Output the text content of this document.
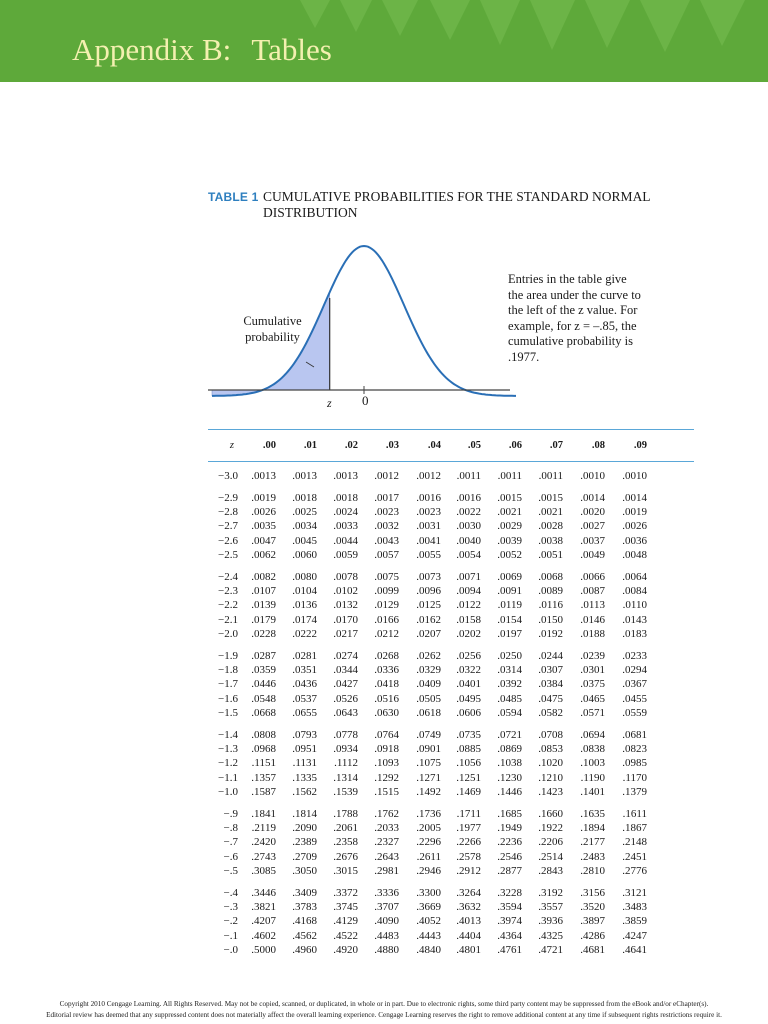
Appendix B: Tables
TABLE 1 CUMULATIVE PROBABILITIES FOR THE STANDARD NORMAL DISTRIBUTION
Cumulative probability
Entries in the table give the area under the curve to the left of the z value. For example, for z = –.85, the cumulative probability is .1977.
z 0
z	.00	.01	.02	.03	.04	.05	.06	.07	.08	.09
−3.0	.0013	.0013	.0013	.0012	.0012	.0011	.0011	.0011	.0010	.0010
−2.9	.0019	.0018	.0018	.0017	.0016	.0016	.0015	.0015	.0014	.0014
−2.8	.0026	.0025	.0024	.0023	.0023	.0022	.0021	.0021	.0020	.0019
−2.7	.0035	.0034	.0033	.0032	.0031	.0030	.0029	.0028	.0027	.0026
−2.6	.0047	.0045	.0044	.0043	.0041	.0040	.0039	.0038	.0037	.0036
−2.5	.0062	.0060	.0059	.0057	.0055	.0054	.0052	.0051	.0049	.0048
−2.4	.0082	.0080	.0078	.0075	.0073	.0071	.0069	.0068	.0066	.0064
−2.3	.0107	.0104	.0102	.0099	.0096	.0094	.0091	.0089	.0087	.0084
−2.2	.0139	.0136	.0132	.0129	.0125	.0122	.0119	.0116	.0113	.0110
−2.1	.0179	.0174	.0170	.0166	.0162	.0158	.0154	.0150	.0146	.0143
−2.0	.0228	.0222	.0217	.0212	.0207	.0202	.0197	.0192	.0188	.0183
−1.9	.0287	.0281	.0274	.0268	.0262	.0256	.0250	.0244	.0239	.0233
−1.8	.0359	.0351	.0344	.0336	.0329	.0322	.0314	.0307	.0301	.0294
−1.7	.0446	.0436	.0427	.0418	.0409	.0401	.0392	.0384	.0375	.0367
−1.6	.0548	.0537	.0526	.0516	.0505	.0495	.0485	.0475	.0465	.0455
−1.5	.0668	.0655	.0643	.0630	.0618	.0606	.0594	.0582	.0571	.0559
−1.4	.0808	.0793	.0778	.0764	.0749	.0735	.0721	.0708	.0694	.0681
−1.3	.0968	.0951	.0934	.0918	.0901	.0885	.0869	.0853	.0838	.0823
−1.2	.1151	.1131	.1112	.1093	.1075	.1056	.1038	.1020	.1003	.0985
−1.1	.1357	.1335	.1314	.1292	.1271	.1251	.1230	.1210	.1190	.1170
−1.0	.1587	.1562	.1539	.1515	.1492	.1469	.1446	.1423	.1401	.1379
−.9	.1841	.1814	.1788	.1762	.1736	.1711	.1685	.1660	.1635	.1611
−.8	.2119	.2090	.2061	.2033	.2005	.1977	.1949	.1922	.1894	.1867
−.7	.2420	.2389	.2358	.2327	.2296	.2266	.2236	.2206	.2177	.2148
−.6	.2743	.2709	.2676	.2643	.2611	.2578	.2546	.2514	.2483	.2451
−.5	.3085	.3050	.3015	.2981	.2946	.2912	.2877	.2843	.2810	.2776
−.4	.3446	.3409	.3372	.3336	.3300	.3264	.3228	.3192	.3156	.3121
−.3	.3821	.3783	.3745	.3707	.3669	.3632	.3594	.3557	.3520	.3483
−.2	.4207	.4168	.4129	.4090	.4052	.4013	.3974	.3936	.3897	.3859
−.1	.4602	.4562	.4522	.4483	.4443	.4404	.4364	.4325	.4286	.4247
−.0	.5000	.4960	.4920	.4880	.4840	.4801	.4761	.4721	.4681	.4641
Copyright 2010 Cengage Learning. All Rights Reserved. May not be copied, scanned, or duplicated, in whole or in part. Due to electronic rights, some third party content may be suppressed from the eBook and/or eChapter(s).
Editorial review has deemed that any suppressed content does not materially affect the overall learning experience. Cengage Learning reserves the right to remove additional content at any time if subsequent rights restrictions require it.
